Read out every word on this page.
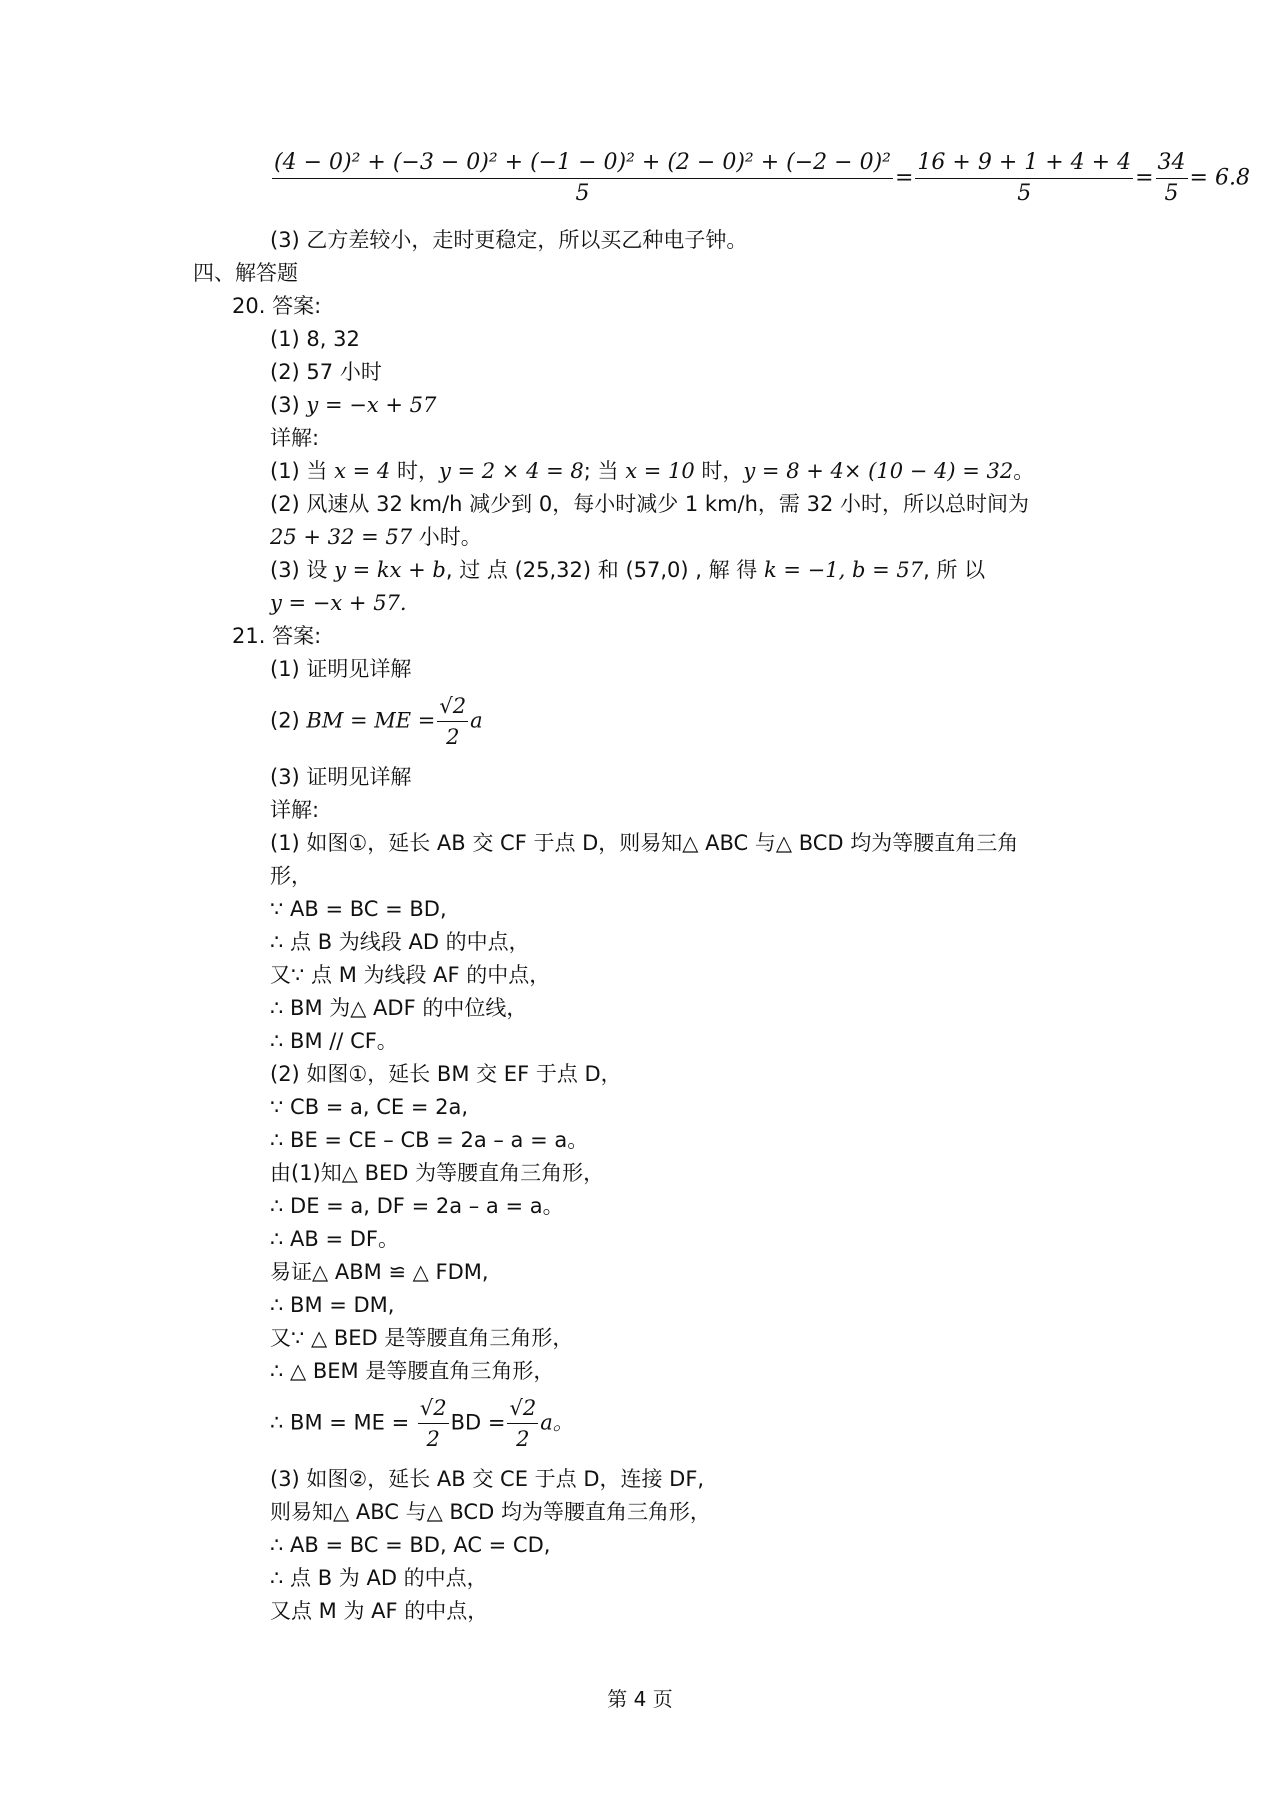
$\frac{\text{(4 − 0)² + (−3 − 0)² + (−1 − 0)² + (2 − 0)² + (−2 − 0)²}}{5} = \frac{16 + 9 + 1 + 4 + 4}{5} = \frac{34}{5} = 6.8$
(3) 乙方差较小，走时更稳定，所以买乙种电子钟。
四、解答题
20. 答案:
(1) 8, 32
(2) 57 小时
(3) y = −x + 57
详解:
(1) 当 x = 4 时，y = 2 × 4 = 8; 当 x = 10 时，y = 8 + 4× (10 − 4) = 32。
(2) 风速从 32 km/h 减少到 0，每小时减少 1 km/h，需 32 小时，所以总时间为
25 + 32 = 57 小时。
(3) 设 y = kx + b, 过 点 (25,32) 和 (57,0) , 解 得 k = −1, b = 57, 所 以
y = −x + 57.
21. 答案:
(1) 证明见详解
(2) BM = ME = $\frac{√2}{2}$ a
(3) 证明见详解
详解:
(1) 如图①，延长 AB 交 CF 于点 D，则易知△ ABC 与△ BCD 均为等腰直角三角
形，
∵ AB = BC = BD,
∴ 点 B 为线段 AD 的中点，
又∵ 点 M 为线段 AF 的中点，
∴ BM 为△ ADF 的中位线，
∴ BM // CF。
(2) 如图①，延长 BM 交 EF 于点 D，
∵ CB = a, CE = 2a,
∴ BE = CE – CB = 2a – a = a。
由(1)知△ BED 为等腰直角三角形，
∴ DE = a, DF = 2a – a = a。
∴ AB = DF。
易证△ ABM ≌ △ FDM,
∴ BM = DM,
又∵ △ BED 是等腰直角三角形，
∴ △ BEM 是等腰直角三角形，
∴ BM = ME = $\frac{√2}{2}$ BD = $\frac{√2}{2}$ a。
(3) 如图②，延长 AB 交 CE 于点 D，连接 DF,
则易知△ ABC 与△ BCD 均为等腰直角三角形，
∴ AB = BC = BD, AC = CD,
∴ 点 B 为 AD 的中点，
又点 M 为 AF 的中点，
第 4 页
